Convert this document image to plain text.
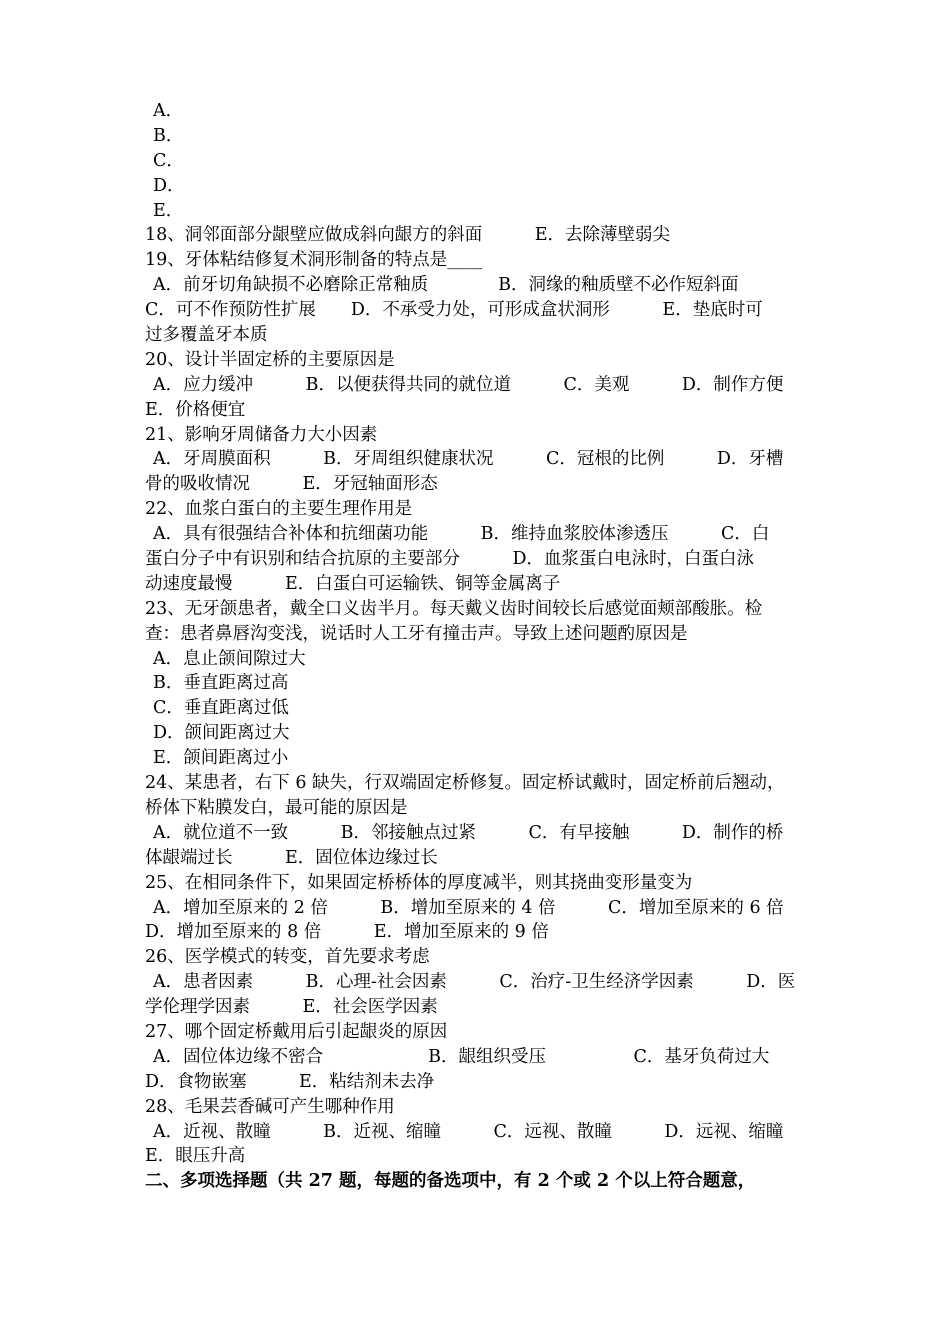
A．
B．
C．
D．
E．
18、洞邻面部分龈壁应做成斜向龈方的斜面　　　E．去除薄壁弱尖
19、牙体粘结修复术洞形制备的特点是____
A．前牙切角缺损不必磨除正常釉质　　　　B．洞缘的釉质壁不必作短斜面
C．可不作预防性扩展　　D．不承受力处，可形成盒状洞形　　　E．垫底时可
过多覆盖牙本质
20、设计半固定桥的主要原因是
A．应力缓冲　　　B．以便获得共同的就位道　　　C．美观　　　D．制作方便
E．价格便宜
21、影响牙周储备力大小因素
A．牙周膜面积　　　B．牙周组织健康状况　　　C．冠根的比例　　　D．牙槽
骨的吸收情况　　　E．牙冠轴面形态
22、血浆白蛋白的主要生理作用是
A．具有很强结合补体和抗细菌功能　　　B．维持血浆胶体渗透压　　　C．白
蛋白分子中有识别和结合抗原的主要部分　　　D．血浆蛋白电泳时，白蛋白泳
动速度最慢　　　E．白蛋白可运输铁、铜等金属离子
23、无牙颌患者，戴全口义齿半月。每天戴义齿时间较长后感觉面颊部酸胀。检
查：患者鼻唇沟变浅，说话时人工牙有撞击声。导致上述问题酌原因是
A．息止颌间隙过大
B．垂直距离过高
C．垂直距离过低
D．颌间距离过大
E．颌间距离过小
24、某患者，右下 6 缺失，行双端固定桥修复。固定桥试戴时，固定桥前后翘动，
桥体下粘膜发白，最可能的原因是
A．就位道不一致　　　B．邻接触点过紧　　　C．有早接触　　　D．制作的桥
体龈端过长　　　E．固位体边缘过长
25、在相同条件下，如果固定桥桥体的厚度减半，则其挠曲变形量变为
A．增加至原来的 2 倍　　　B．增加至原来的 4 倍　　　C．增加至原来的 6 倍
D．增加至原来的 8 倍　　　E．增加至原来的 9 倍
26、医学模式的转变，首先要求考虑
A．患者因素　　　B．心理-社会因素　　　C．治疗-卫生经济学因素　　　D．医
学伦理学因素　　　E．社会医学因素
27、哪个固定桥戴用后引起龈炎的原因
A．固位体边缘不密合　　　　　　B．龈组织受压　　　　　C．基牙负荷过大
D．食物嵌塞　　　E．粘结剂未去净
28、毛果芸香碱可产生哪种作用
A．近视、散瞳　　　B．近视、缩瞳　　　C．远视、散瞳　　　D．远视、缩瞳
E．眼压升高
二、多项选择题（共 27 题，每题的备选项中，有 2 个或 2 个以上符合题意，
